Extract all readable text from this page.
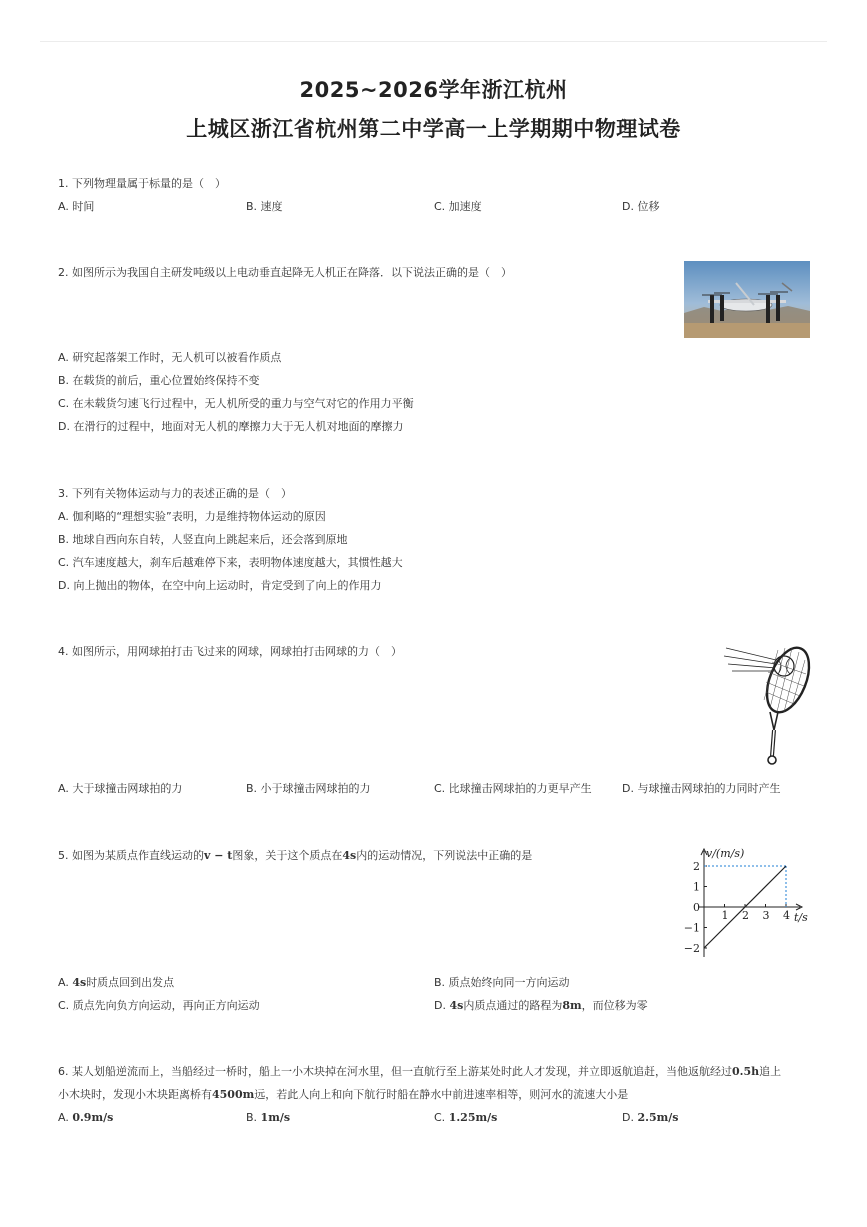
2025~2026学年浙江杭州
上城区浙江省杭州第二中学高一上学期期中物理试卷
1. 下列物理量属于标量的是（　）
A. 时间	B. 速度	C. 加速度	D. 位移
2. 如图所示为我国自主研发吨级以上电动垂直起降无人机正在降落．以下说法正确的是（　）
A. 研究起落架工作时，无人机可以被看作质点
B. 在载货的前后，重心位置始终保持不变
C. 在未载货匀速飞行过程中，无人机所受的重力与空气对它的作用力平衡
D. 在滑行的过程中，地面对无人机的摩擦力大于无人机对地面的摩擦力
3. 下列有关物体运动与力的表述正确的是（　）
A. 伽利略的“理想实验”表明，力是维持物体运动的原因
B. 地球自西向东自转，人竖直向上跳起来后，还会落到原地
C. 汽车速度越大，刹车后越难停下来，表明物体速度越大，其惯性越大
D. 向上抛出的物体，在空中向上运动时，肯定受到了向上的作用力
4. 如图所示，用网球拍打击飞过来的网球，网球拍打击网球的力（　）
A. 大于球撞击网球拍的力	B. 小于球撞击网球拍的力	C. 比球撞击网球拍的力更早产生	D. 与球撞击网球拍的力同时产生
5. 如图为某质点作直线运动的v − t图象，关于这个质点在4s内的运动情况，下列说法中正确的是
2
1
0
−1
−2
1 2 3 4
v/(m/s)
t/s
A. 4s时质点回到出发点	B. 质点始终向同一方向运动
C. 质点先向负方向运动，再向正方向运动	D. 4s内质点通过的路程为8m，而位移为零
6. 某人划船逆流而上，当船经过一桥时，船上一小木块掉在河水里，但一直航行至上游某处时此人才发现，并立即返航追赶，当他返航经过0.5h追上
小木块时，发现小木块距离桥有4500m远，若此人向上和向下航行时船在静水中前进速率相等，则河水的流速大小是
A. 0.9m/s	B. 1m/s	C. 1.25m/s	D. 2.5m/s
